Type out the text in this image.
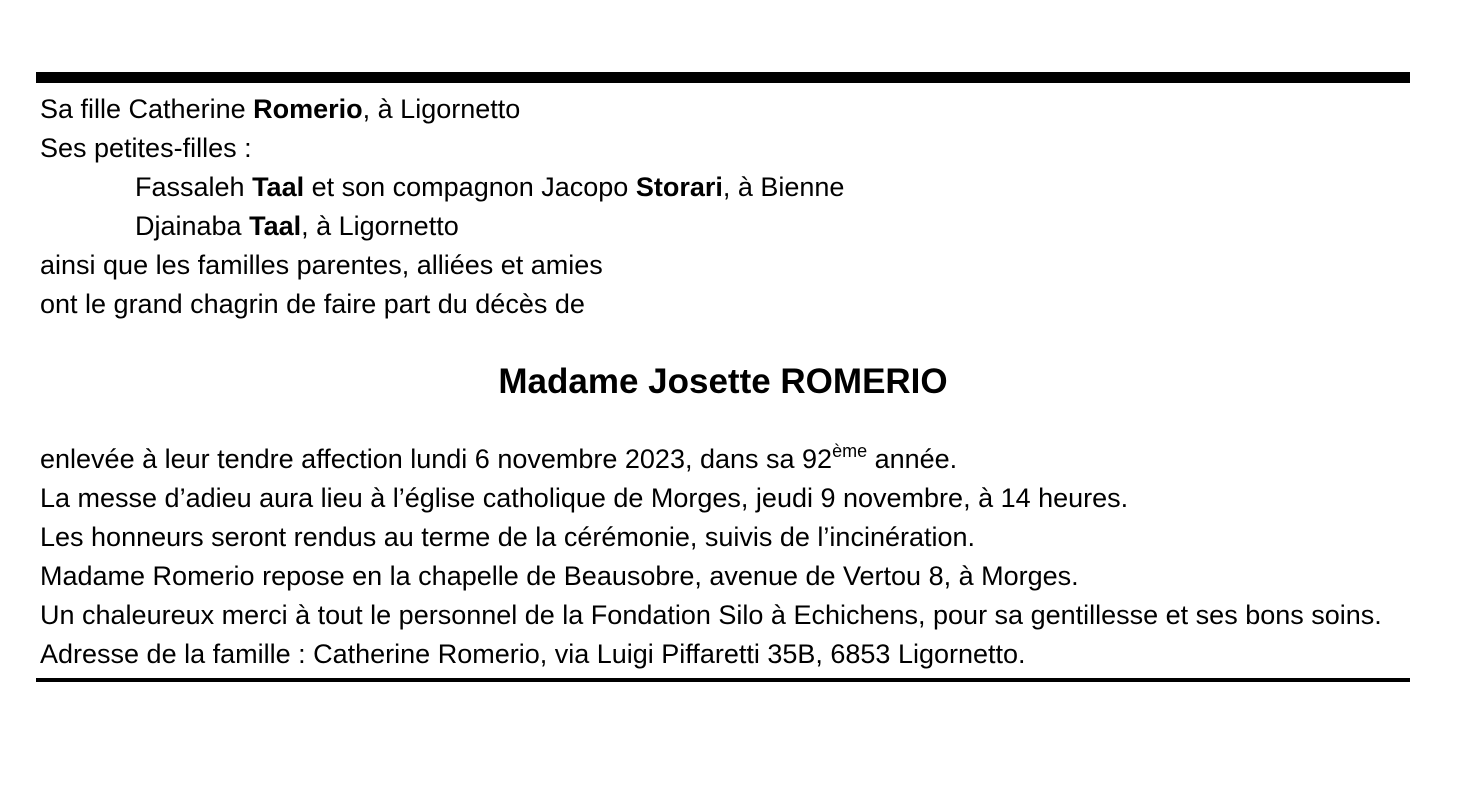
Sa fille Catherine Romerio, à Ligornetto
Ses petites-filles :
Fassaleh Taal et son compagnon Jacopo Storari, à Bienne
Djainaba Taal, à Ligornetto
ainsi que les familles parentes, alliées et amies
ont le grand chagrin de faire part du décès de
Madame Josette ROMERIO
enlevée à leur tendre affection lundi 6 novembre 2023, dans sa 92ème année.
La messe d’adieu aura lieu à l’église catholique de Morges, jeudi 9 novembre, à 14 heures.
Les honneurs seront rendus au terme de la cérémonie, suivis de l’incinération.
Madame Romerio repose en la chapelle de Beausobre, avenue de Vertou 8, à Morges.
Un chaleureux merci à tout le personnel de la Fondation Silo à Echichens, pour sa gentillesse et ses bons soins.
Adresse de la famille : Catherine Romerio, via Luigi Piffaretti 35B, 6853 Ligornetto.
